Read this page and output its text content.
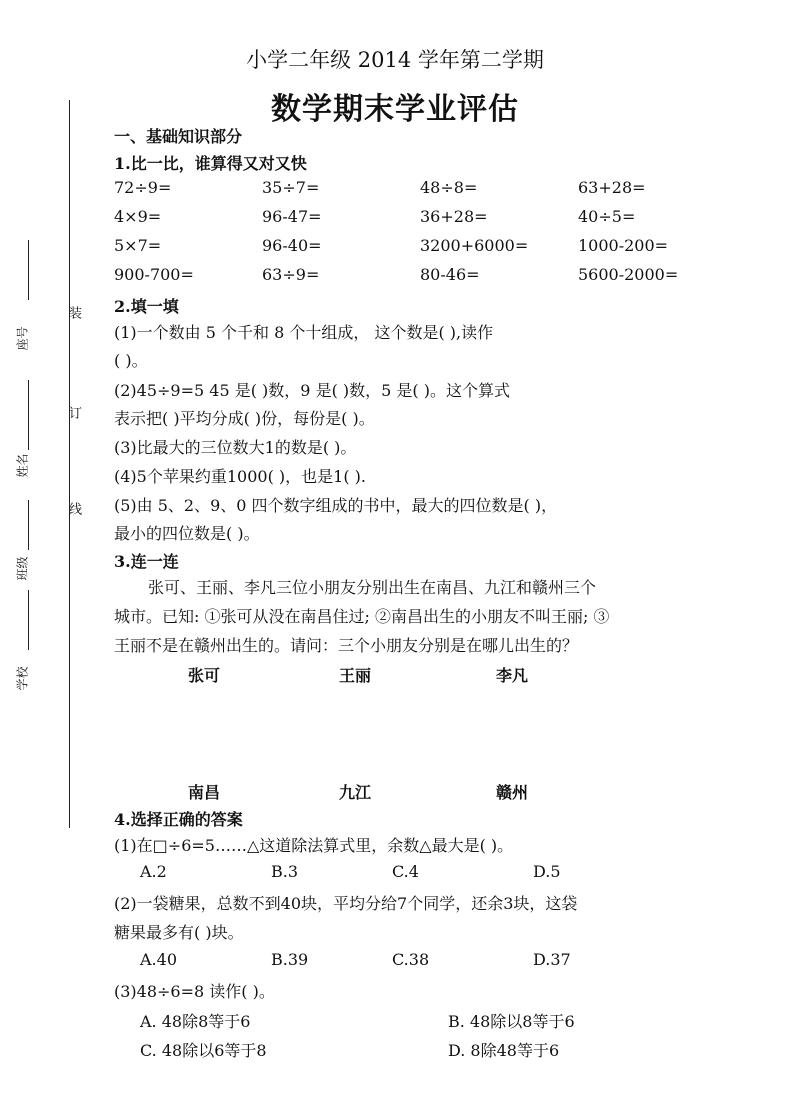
装
订
线
座号
姓名
班级
学校
小学二年级 2014 学年第二学期
数学期末学业评估
一、基础知识部分
1.比一比，谁算得又对又快
72÷9=	35÷7=	48÷8=	63+28=
4×9=	96-47=	36+28=	40÷5=
5×7=	96-40=	3200+6000=	1000-200=
900-700=	63÷9=	80-46=	5600-2000=
2.填一填
(1)一个数由 5 个千和 8 个十组成， 这个数是( ),读作
( )。
(2)45÷9=5 45 是( )数，9 是( )数，5 是( )。这个算式
表示把( )平均分成( )份，每份是( )。
(3)比最大的三位数大1的数是( )。
(4)5个苹果约重1000( )，也是1( ).
(5)由 5、2、9、0 四个数字组成的书中，最大的四位数是( )，
最小的四位数是( )。
3.连一连
张可、王丽、李凡三位小朋友分别出生在南昌、九江和赣州三个
城市。已知: ①张可从没在南昌住过; ②南昌出生的小朋友不叫王丽; ③
王丽不是在赣州出生的。请问：三个小朋友分别是在哪儿出生的？
张可	王丽	李凡
南昌	九江	赣州
4.选择正确的答案
(1)在□÷6=5……△这道除法算式里，余数△最大是( )。
A.2	B.3	C.4	D.5
(2)一袋糖果，总数不到40块，平均分给7个同学，还余3块，这袋
糖果最多有( )块。
A.40	B.39	C.38	D.37
(3)48÷6=8 读作( )。
A. 48除8等于6	B. 48除以8等于6
C. 48除以6等于8	D. 8除48等于6
